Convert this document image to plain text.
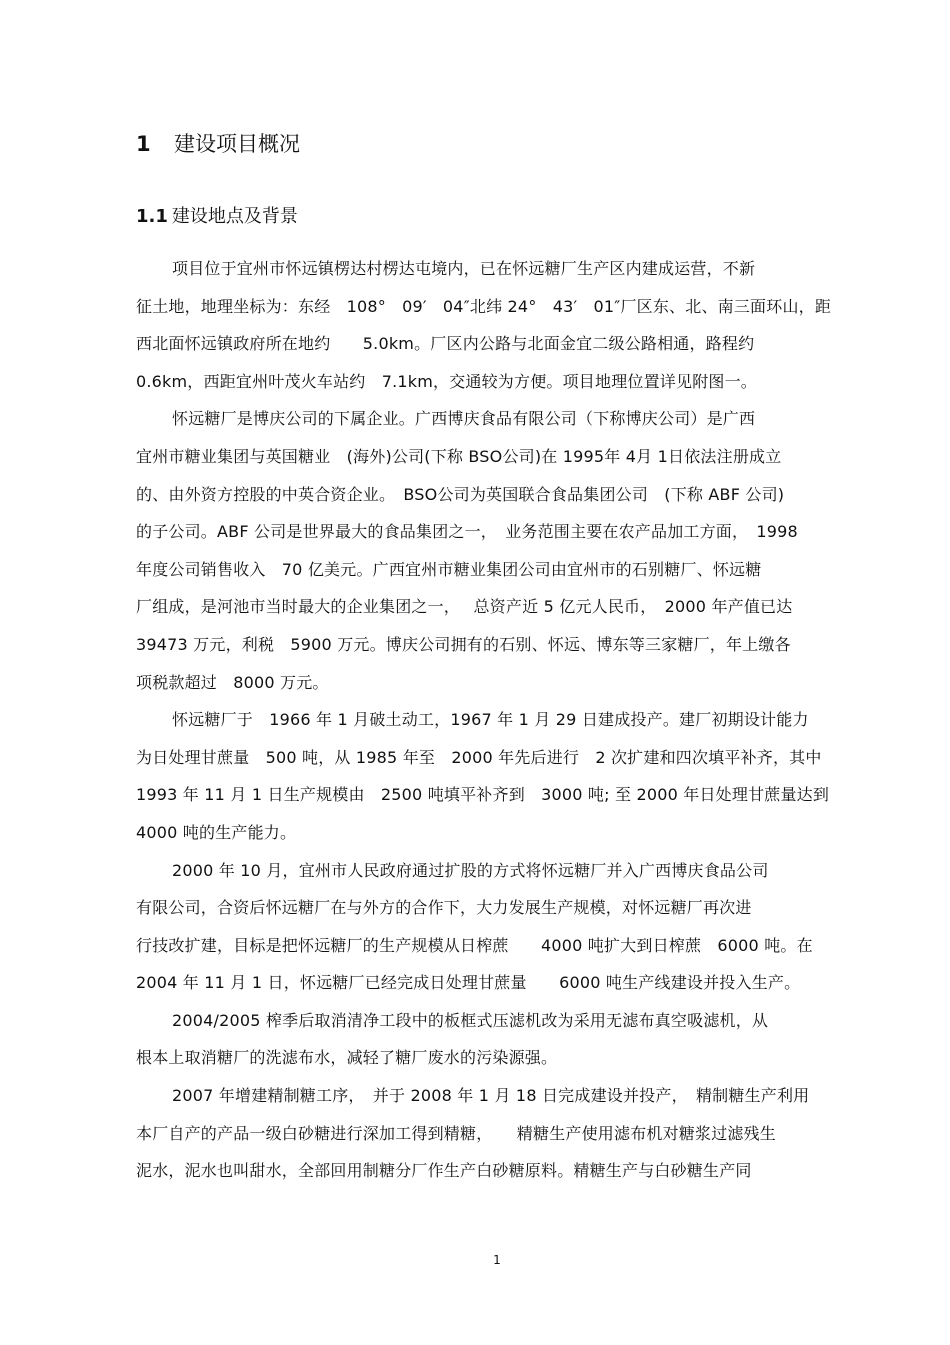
1 建设项目概况
1.1 建设地点及背景
项目位于宜州市怀远镇楞达村楞达屯境内，已在怀远糖厂生产区内建成运营，不新
征土地，地理坐标为：东经　108°　09′　04″北纬 24°　43′　01″厂区东、北、南三面环山，距
西北面怀远镇政府所在地约　　5.0km。厂区内公路与北面金宜二级公路相通，路程约
0.6km，西距宜州叶茂火车站约　7.1km，交通较为方便。项目地理位置详见附图一。
怀远糖厂是博庆公司的下属企业。广西博庆食品有限公司（下称博庆公司）是广西
宜州市糖业集团与英国糖业　(海外)公司(下称 BSO公司)在 1995年 4月 1日依法注册成立
的、由外资方控股的中英合资企业。　BSO公司为英国联合食品集团公司　(下称 ABF 公司)
的子公司。ABF 公司是世界最大的食品集团之一，　业务范围主要在农产品加工方面，　1998
年度公司销售收入　70 亿美元。广西宜州市糖业集团公司由宜州市的石别糖厂、怀远糖
厂组成，是河池市当时最大的企业集团之一，　 总资产近 5 亿元人民币，　2000 年产值已达
39473 万元，利税　5900 万元。博庆公司拥有的石别、怀远、博东等三家糖厂，年上缴各
项税款超过　8000 万元。
怀远糖厂于　1966 年 1 月破土动工，1967 年 1 月 29 日建成投产。建厂初期设计能力
为日处理甘蔗量　500 吨，从 1985 年至　2000 年先后进行　2 次扩建和四次填平补齐，其中
1993 年 11 月 1 日生产规模由　2500 吨填平补齐到　3000 吨; 至 2000 年日处理甘蔗量达到
4000 吨的生产能力。
2000 年 10 月，宜州市人民政府通过扩股的方式将怀远糖厂并入广西博庆食品公司
有限公司，合资后怀远糖厂在与外方的合作下，大力发展生产规模，对怀远糖厂再次进
行技改扩建，目标是把怀远糖厂的生产规模从日榨蔗　　4000 吨扩大到日榨蔗　6000 吨。在
2004 年 11 月 1 日，怀远糖厂已经完成日处理甘蔗量　　6000 吨生产线建设并投入生产。
2004/2005 榨季后取消清净工段中的板框式压滤机改为采用无滤布真空吸滤机，从
根本上取消糖厂的洗滤布水，减轻了糖厂废水的污染源强。
2007 年增建精制糖工序，　并于 2008 年 1 月 18 日完成建设并投产，　精制糖生产利用
本厂自产的产品一级白砂糖进行深加工得到精糖，　　精糖生产使用滤布机对糖浆过滤残生
泥水，泥水也叫甜水，全部回用制糖分厂作生产白砂糖原料。精糖生产与白砂糖生产同
1
